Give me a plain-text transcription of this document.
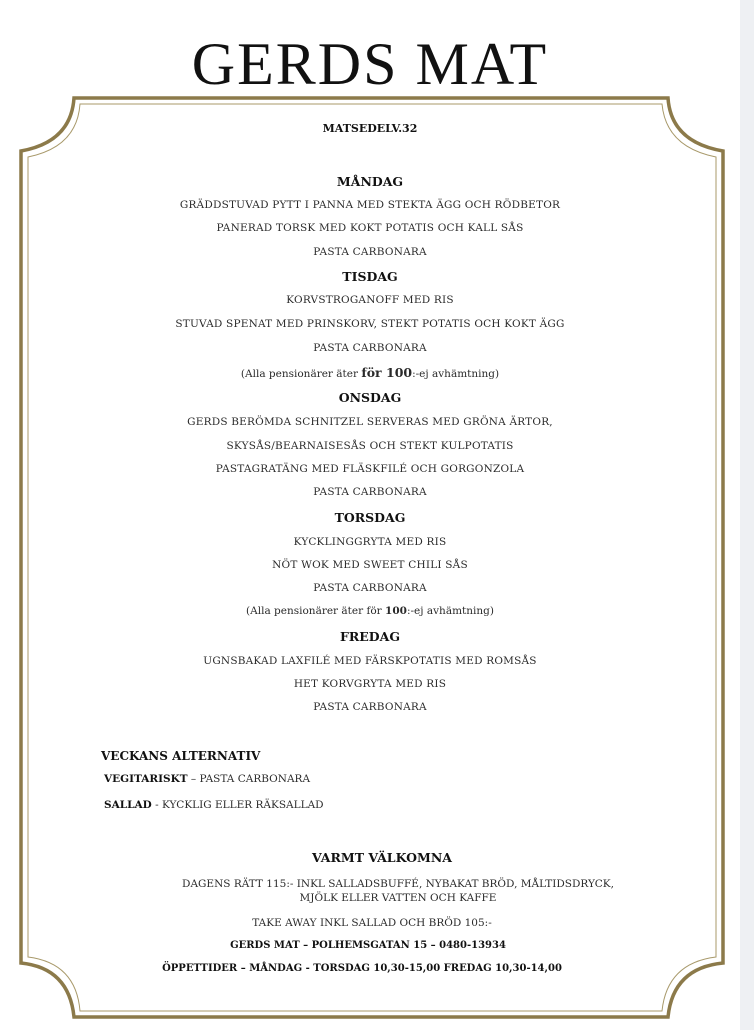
GERDS MAT
MATSEDELV.32
MÅNDAG
GRÄDDSTUVAD PYTT I PANNA MED STEKTA ÄGG OCH RÖDBETOR
PANERAD TORSK MED KOKT POTATIS OCH KALL SÅS
PASTA CARBONARA
TISDAG
KORVSTROGANOFF MED RIS
STUVAD SPENAT MED PRINSKORV, STEKT POTATIS OCH KOKT ÄGG
PASTA CARBONARA
(Alla pensionärer äter för 100:-ej avhämtning)
ONSDAG
GERDS BERÖMDA SCHNITZEL SERVERAS MED GRÖNA ÄRTOR,
SKYSÅS/BEARNAISESÅS OCH STEKT KULPOTATIS
PASTAGRATÄNG MED FLÄSKFILÉ OCH GORGONZOLA
PASTA CARBONARA
TORSDAG
KYCKLINGGRYTA MED RIS
NÖT WOK MED SWEET CHILI SÅS
PASTA CARBONARA
(Alla pensionärer äter för 100:-ej avhämtning)
FREDAG
UGNSBAKAD LAXFILÉ MED FÄRSKPOTATIS MED ROMSÅS
HET KORVGRYTA MED RIS
PASTA CARBONARA
VECKANS ALTERNATIV
VEGITARISKT – PASTA CARBONARA
SALLAD - KYCKLIG ELLER RÄKSALLAD
VARMT VÄLKOMNA
DAGENS RÄTT 115:- INKL SALLADSBUFFÉ, NYBAKAT BRÖD, MÅLTIDSDRYCK,
MJÖLK ELLER VATTEN OCH KAFFE
TAKE AWAY INKL SALLAD OCH BRÖD 105:-
GERDS MAT – POLHEMSGATAN 15 – 0480-13934
ÖPPETTIDER – MÅNDAG - TORSDAG 10,30-15,00 FREDAG 10,30-14,00
